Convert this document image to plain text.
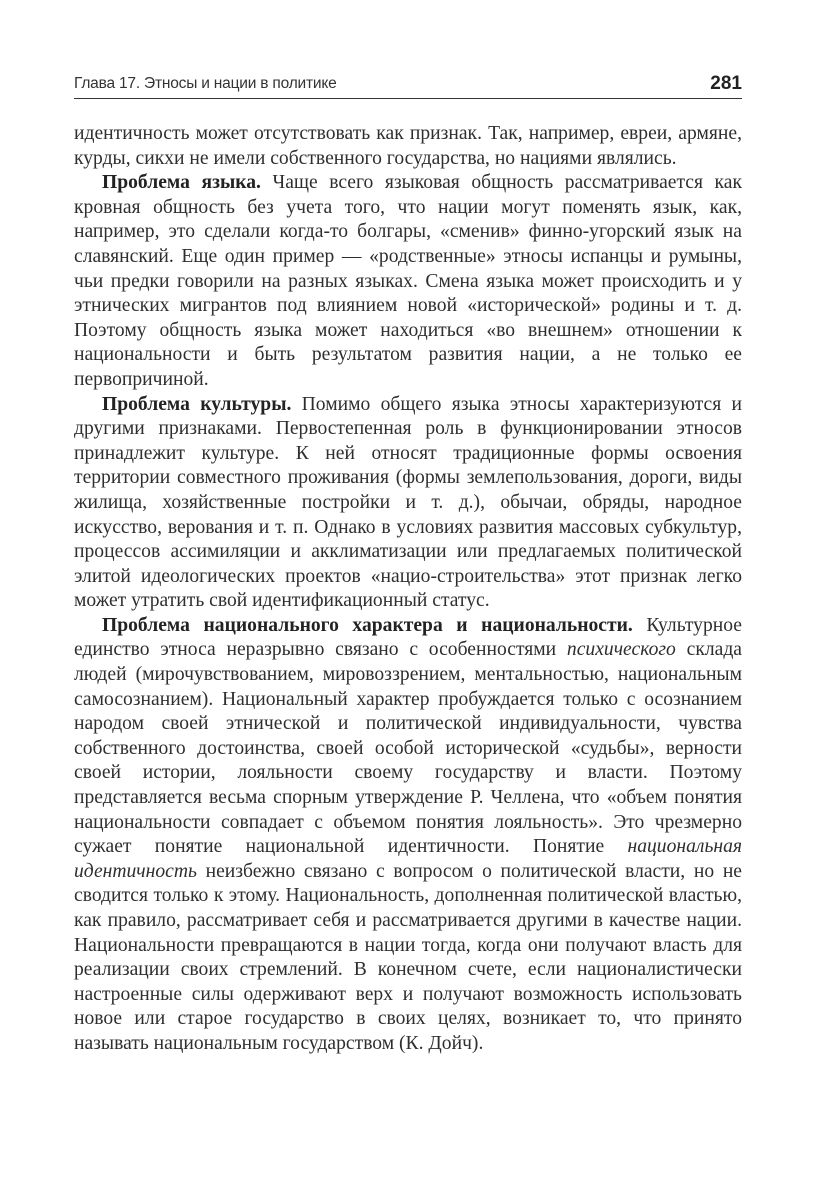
Глава 17. Этносы и нации в политике	281

идентичность может отсутствовать как признак. Так, например, евреи, армяне, курды, сикхи не имели собственного государства, но нациями являлись.

Проблема языка. Чаще всего языковая общность рассматривается как кровная общность без учета того, что нации могут поменять язык, как, например, это сделали когда-то болгары, «сменив» финно-угорский язык на славянский. Еще один пример — «родственные» этносы испанцы и румыны, чьи предки говорили на разных языках. Смена языка может происходить и у этнических мигрантов под влиянием новой «исторической» родины и т. д. Поэтому общность языка может находиться «во внешнем» отношении к национальности и быть результатом развития нации, а не только ее первопричиной.

Проблема культуры. Помимо общего языка этносы характеризуются и другими признаками. Первостепенная роль в функционировании этносов принадлежит культуре. К ней относят традиционные формы освоения территории совместного проживания (формы землепользования, дороги, виды жилища, хозяйственные постройки и т. д.), обычаи, обряды, народное искусство, верования и т. п. Однако в условиях развития массовых субкультур, процессов ассимиляции и акклиматизации или предлагаемых политической элитой идеологических проектов «нацио-строительства» этот признак легко может утратить свой идентификационный статус.

Проблема национального характера и национальности. Культурное единство этноса неразрывно связано с особенностями психического склада людей (мирочувствованием, мировоззрением, ментальностью, национальным самосознанием). Национальный характер пробуждается только с осознанием народом своей этнической и политической индивидуальности, чувства собственного достоинства, своей особой исторической «судьбы», верности своей истории, лояльности своему государству и власти. Поэтому представляется весьма спорным утверждение Р. Челлена, что «объем понятия национальности совпадает с объемом понятия лояльность». Это чрезмерно сужает понятие национальной идентичности. Понятие национальная идентичность неизбежно связано с вопросом о политической власти, но не сводится только к этому. Национальность, дополненная политической властью, как правило, рассматривает себя и рассматривается другими в качестве нации. Национальности превращаются в нации тогда, когда они получают власть для реализации своих стремлений. В конечном счете, если националистически настроенные силы одерживают верх и получают возможность использовать новое или старое государство в своих целях, возникает то, что принято называть национальным государством (К. Дойч).
